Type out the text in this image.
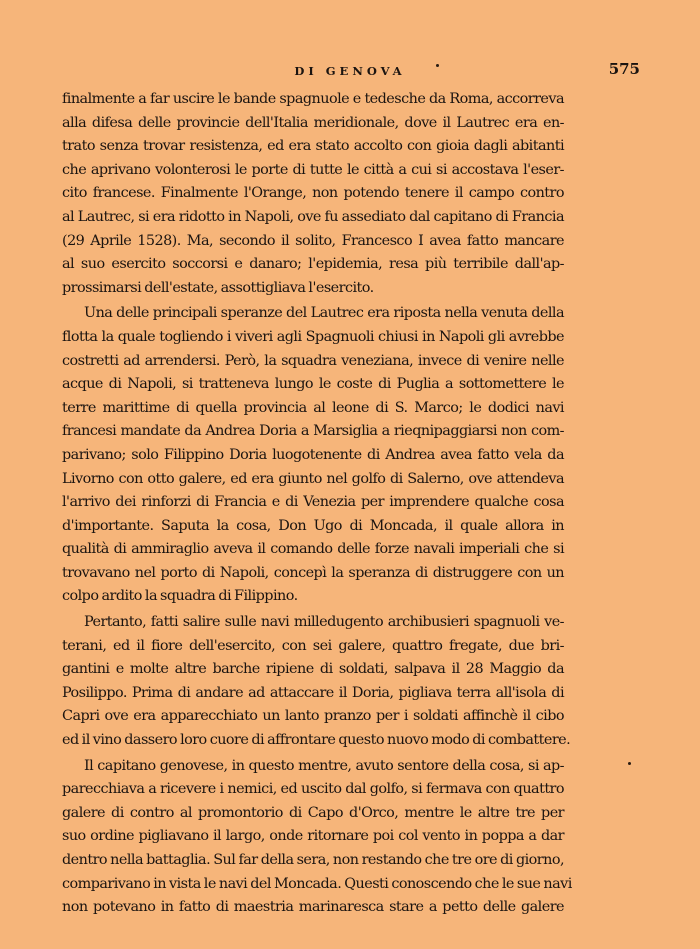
DI GENOVA	575
finalmente a far uscire le bande spagnuole e tedesche da Roma, accorreva
alla difesa delle provincie dell'Italia meridionale, dove il Lautrec era en-
trato senza trovar resistenza, ed era stato accolto con gioia dagli abitanti
che aprivano volonterosi le porte di tutte le città a cui si accostava l'eser-
cito francese. Finalmente l'Orange, non potendo tenere il campo contro
al Lautrec, si era ridotto in Napoli, ove fu assediato dal capitano di Francia
(29 Aprile 1528). Ma, secondo il solito, Francesco I avea fatto mancare
al suo esercito soccorsi e danaro; l'epidemia, resa più terribile dall'ap-
prossimarsi dell'estate, assottigliava l'esercito.
Una delle principali speranze del Lautrec era riposta nella venuta della
flotta la quale togliendo i viveri agli Spagnuoli chiusi in Napoli gli avrebbe
costretti ad arrendersi. Però, la squadra veneziana, invece di venire nelle
acque di Napoli, si tratteneva lungo le coste di Puglia a sottomettere le
terre marittime di quella provincia al leone di S. Marco; le dodici navi
francesi mandate da Andrea Doria a Marsiglia a rieqnipaggiarsi non com-
parivano; solo Filippino Doria luogotenente di Andrea avea fatto vela da
Livorno con otto galere, ed era giunto nel golfo di Salerno, ove attendeva
l'arrivo dei rinforzi di Francia e di Venezia per imprendere qualche cosa
d'importante. Saputa la cosa, Don Ugo di Moncada, il quale allora in
qualità di ammiraglio aveva il comando delle forze navali imperiali che si
trovavano nel porto di Napoli, concepì la speranza di distruggere con un
colpo ardito la squadra di Filippino.
Pertanto, fatti salire sulle navi milledugento archibusieri spagnuoli ve-
terani, ed il fiore dell'esercito, con sei galere, quattro fregate, due bri-
gantini e molte altre barche ripiene di soldati, salpava il 28 Maggio da
Posilippo. Prima di andare ad attaccare il Doria, pigliava terra all'isola di
Capri ove era apparecchiato un lanto pranzo per i soldati affinchè il cibo
ed il vino dassero loro cuore di affrontare questo nuovo modo di combattere.
Il capitano genovese, in questo mentre, avuto sentore della cosa, si ap-
parecchiava a ricevere i nemici, ed uscito dal golfo, si fermava con quattro
galere di contro al promontorio di Capo d'Orco, mentre le altre tre per
suo ordine pigliavano il largo, onde ritornare poi col vento in poppa a dar
dentro nella battaglia. Sul far della sera, non restando che tre ore di giorno,
comparivano in vista le navi del Moncada. Questi conoscendo che le sue navi
non potevano in fatto di maestria marinaresca stare a petto delle galere
